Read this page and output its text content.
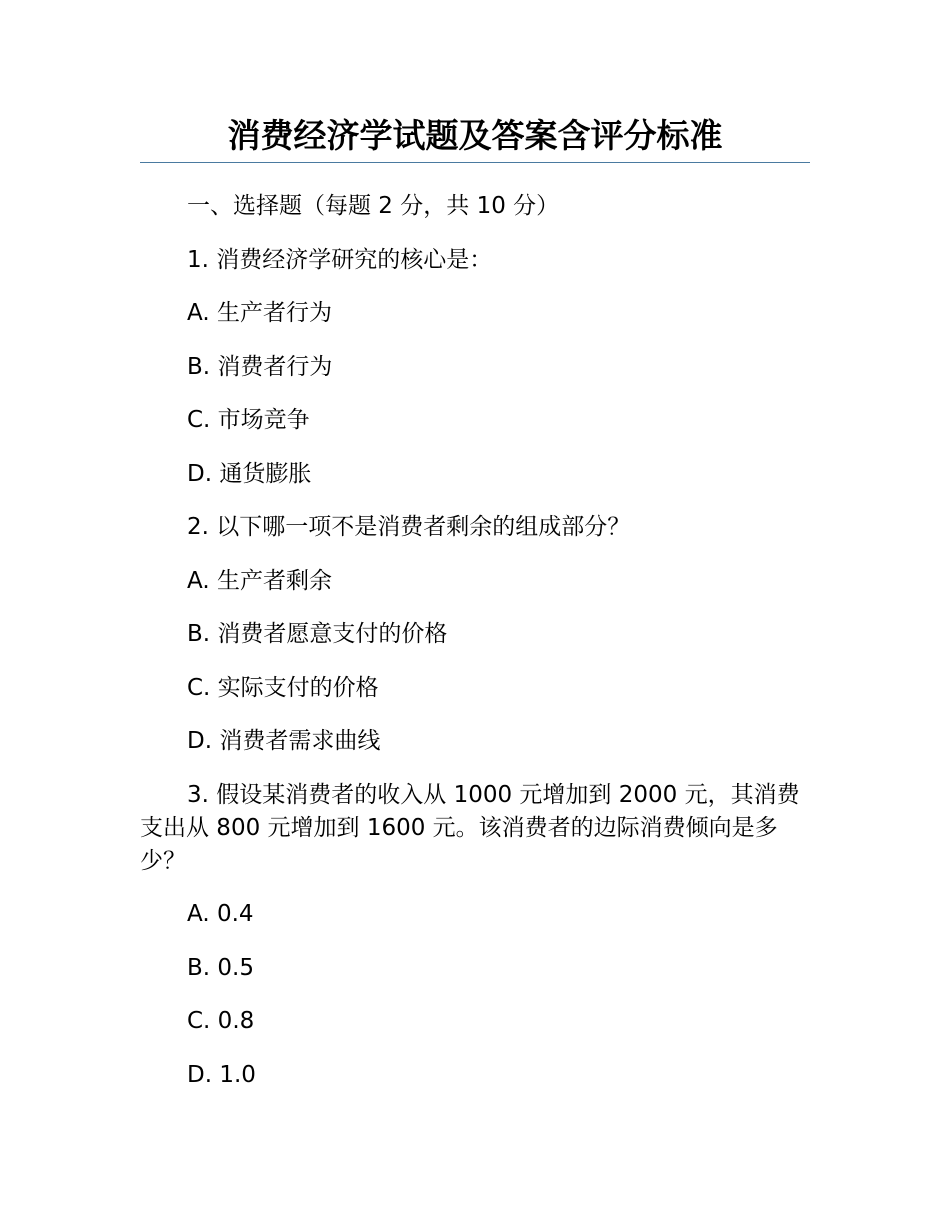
消费经济学试题及答案含评分标准

一、选择题（每题 2 分，共 10 分）

1. 消费经济学研究的核心是：

A. 生产者行为

B. 消费者行为

C. 市场竞争

D. 通货膨胀

2. 以下哪一项不是消费者剩余的组成部分？

A. 生产者剩余

B. 消费者愿意支付的价格

C. 实际支付的价格

D. 消费者需求曲线

3. 假设某消费者的收入从 1000 元增加到 2000 元，其消费支出从 800 元增加到 1600 元。该消费者的边际消费倾向是多少？

A. 0.4

B. 0.5

C. 0.8

D. 1.0
